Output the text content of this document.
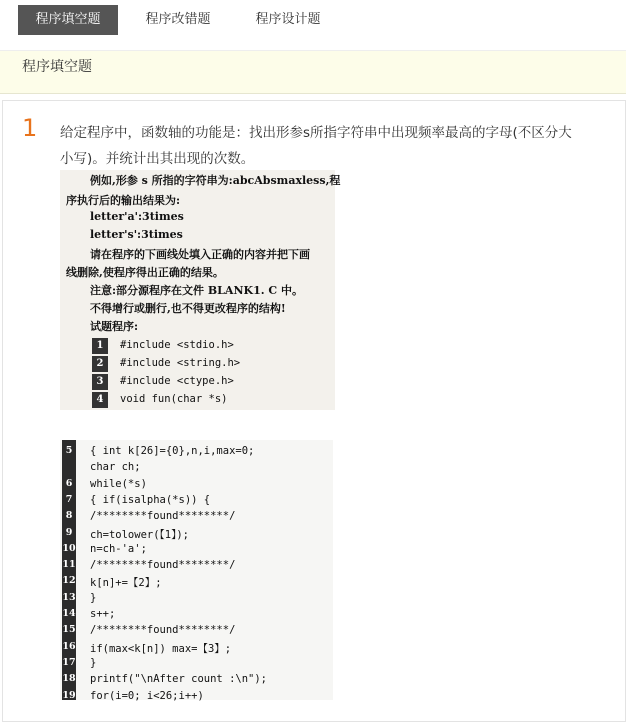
程序填空题	程序改错题	程序设计题
程序填空题
1 给定程序中，函数轴的功能是：找出形参s所指字符串中出现频率最高的字母(不区分大小写)。并统计出其出现的次数。
例如,形参 s 所指的字符串为:abcAbsmaxless,程
序执行后的输出结果为:
letter'a':3times
letter's':3times
请在程序的下画线处填入正确的内容并把下画
线删除,使程序得出正确的结果。
注意:部分源程序在文件 BLANK1. C 中。
不得增行或删行,也不得更改程序的结构!
试题程序:
1	#include <stdio.h>
2	#include <string.h>
3	#include <ctype.h>
4	void fun(char *s)
5	{ int k[26]={0},n,i,max=0;
char ch;
6	while(*s)
7	{ if(isalpha(*s)) {
8	/********found********/
9	ch=tolower(【1】);
10 n=ch-'a';
11 /********found********/
12 k[n]+=【2】;
13 }
14 s++;
15 /********found********/
16 if(max<k[n]) max=【3】;
17 }
18 printf("\nAfter count :\n");
19 for(i=0; i<26;i++)
